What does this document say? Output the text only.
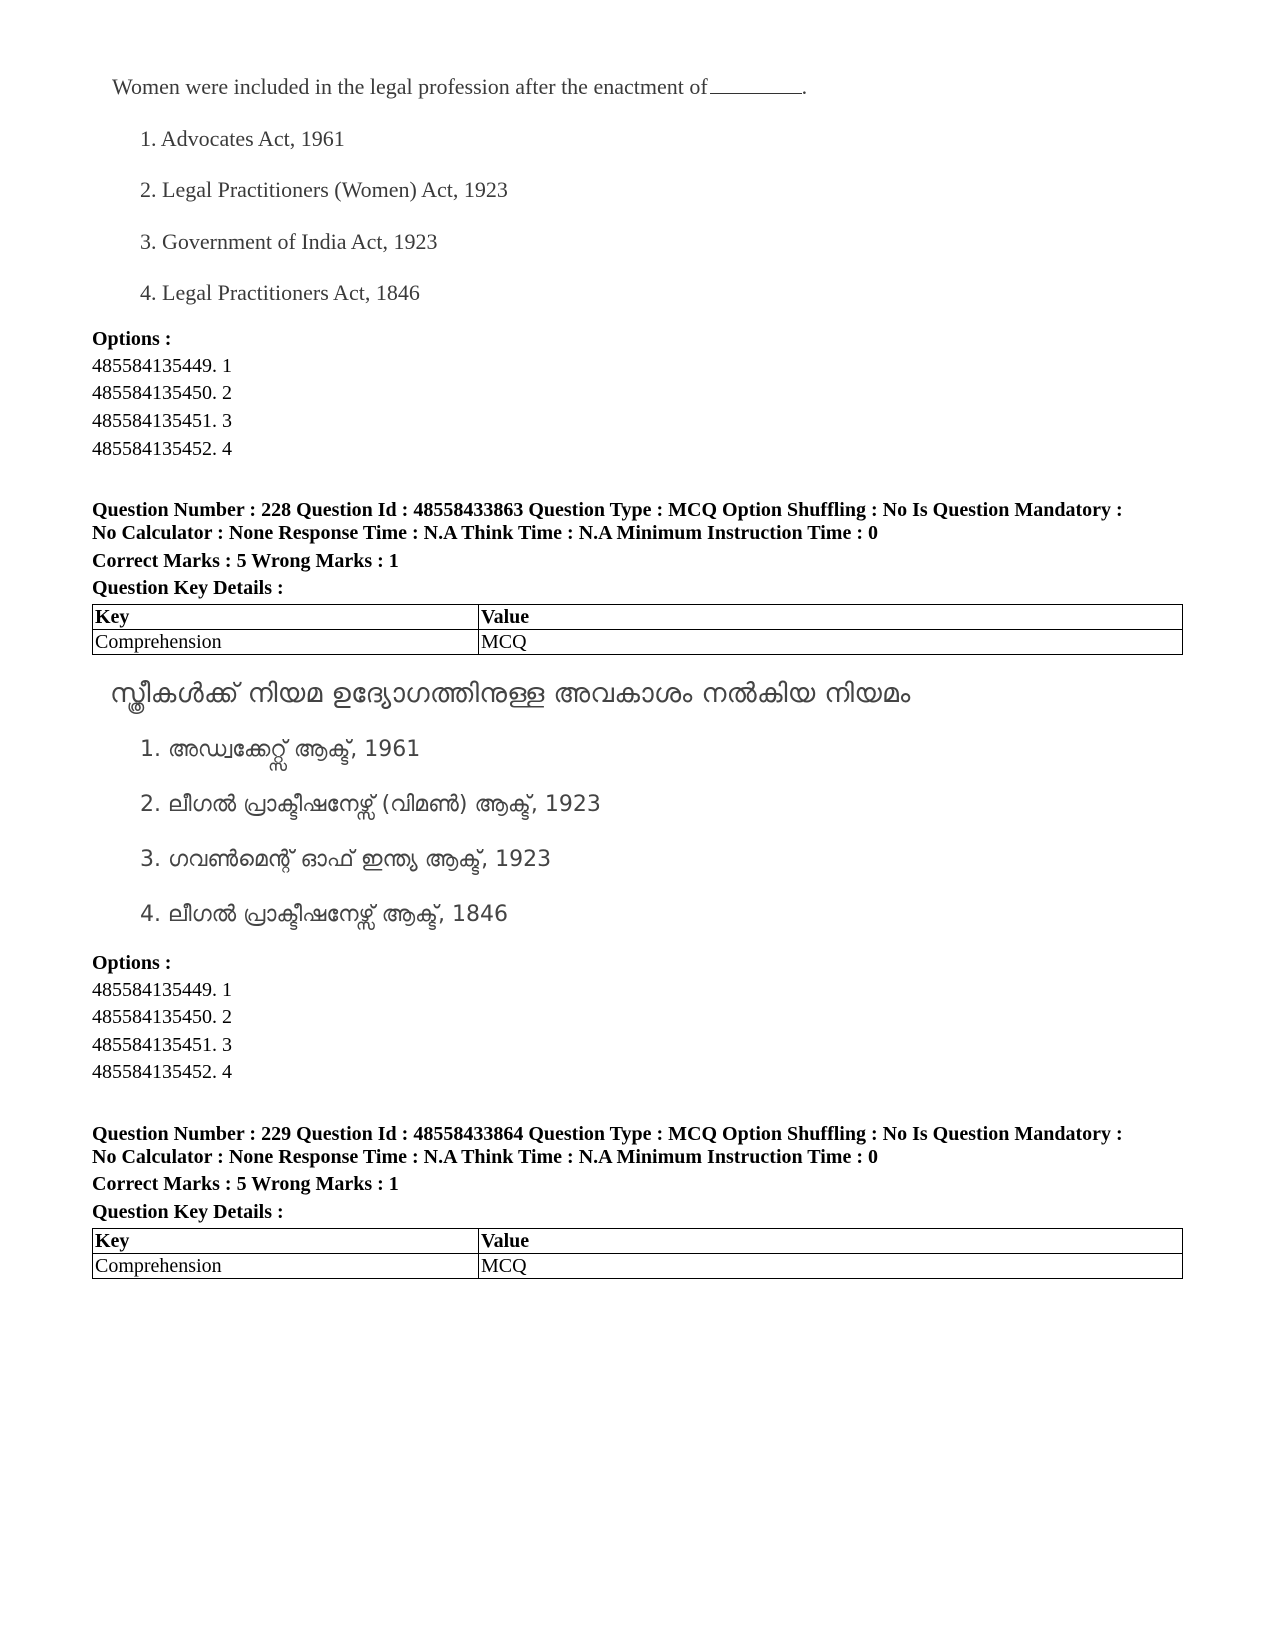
Women were included in the legal profession after the enactment of	.
1. Advocates Act, 1961
2. Legal Practitioners (Women) Act, 1923
3. Government of India Act, 1923
4. Legal Practitioners Act, 1846
Options :
485584135449. 1
485584135450. 2
485584135451. 3
485584135452. 4
Question Number : 228 Question Id : 48558433863 Question Type : MCQ Option Shuffling : No Is Question Mandatory :
No Calculator : None Response Time : N.A Think Time : N.A Minimum Instruction Time : 0
Correct Marks : 5 Wrong Marks : 1
Question Key Details :
Key	Value
Comprehension	MCQ
സ്ത്രീകൾക്ക് നിയമ ഉദ്യോഗത്തിനുള്ള അവകാശം നൽകിയ നിയമം
1. അഡ്വക്കേറ്റ്സ് ആക്ട്, 1961
2. ലീഗൽ പ്രാക്ടീഷനേഴ്സ് (വിമൺ) ആക്ട്, 1923
3. ഗവൺമെന്റ് ഓഫ് ഇന്ത്യ ആക്ട്, 1923
4. ലീഗൽ പ്രാക്ടീഷനേഴ്സ് ആക്ട്, 1846
Options :
485584135449. 1
485584135450. 2
485584135451. 3
485584135452. 4
Question Number : 229 Question Id : 48558433864 Question Type : MCQ Option Shuffling : No Is Question Mandatory :
No Calculator : None Response Time : N.A Think Time : N.A Minimum Instruction Time : 0
Correct Marks : 5 Wrong Marks : 1
Question Key Details :
Key	Value
Comprehension	MCQ
